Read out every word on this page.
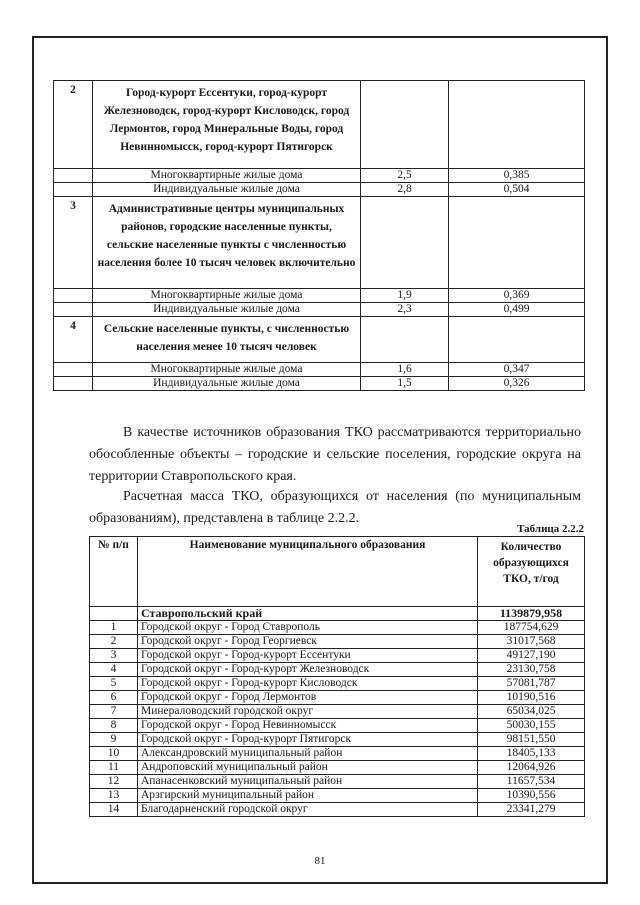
2	Город-курорт Ессентуки, город-курорт Железноводск, город-курорт Кисловодск, город Лермонтов, город Минеральные Воды, город Невинномысск, город-курорт Пятигорск		
	Многоквартирные жилые дома	2,5	0,385
	Индивидуальные жилые дома	2,8	0,504
3	Административные центры муниципальных районов, городские населенные пункты, сельские населенные пункты с численностью населения более 10 тысяч человек включительно		
	Многоквартирные жилые дома	1,9	0,369
	Индивидуальные жилые дома	2,3	0,499
4	Сельские населенные пункты, с численностью населения менее 10 тысяч человек		
	Многоквартирные жилые дома	1,6	0,347
	Индивидуальные жилые дома	1,5	0,326

В качестве источников образования ТКО рассматриваются территориально обособленные объекты – городские и сельские поселения, городские округа на территории Ставропольского края.

Расчетная масса ТКО, образующихся от населения (по муниципальным образованиям), представлена в таблице 2.2.2.

Таблица 2.2.2

№ п/п	Наименование муниципального образования	Количество образующихся ТКО, т/год
	Ставропольский край	1139879,958
1	Городской округ - Город Ставрополь	187754,629
2	Городской округ - Город Георгиевск	31017,568
3	Городской округ - Город-курорт Ессентуки	49127,190
4	Городской округ - Город-курорт Железноводск	23130,758
5	Городской округ - Город-курорт Кисловодск	57081,787
6	Городской округ - Город Лермонтов	10190,516
7	Минераловодский городской округ	65034,025
8	Городской округ - Город Невинномысск	50030,155
9	Городской округ - Город-курорт Пятигорск	98151,550
10	Александровский муниципальный район	18405,133
11	Андроповский муниципальный район	12064,926
12	Апанасенковский муниципальный район	11657,534
13	Арзгирский муниципальный район	10390,556
14	Благодарненский городской округ	23341,279

81
